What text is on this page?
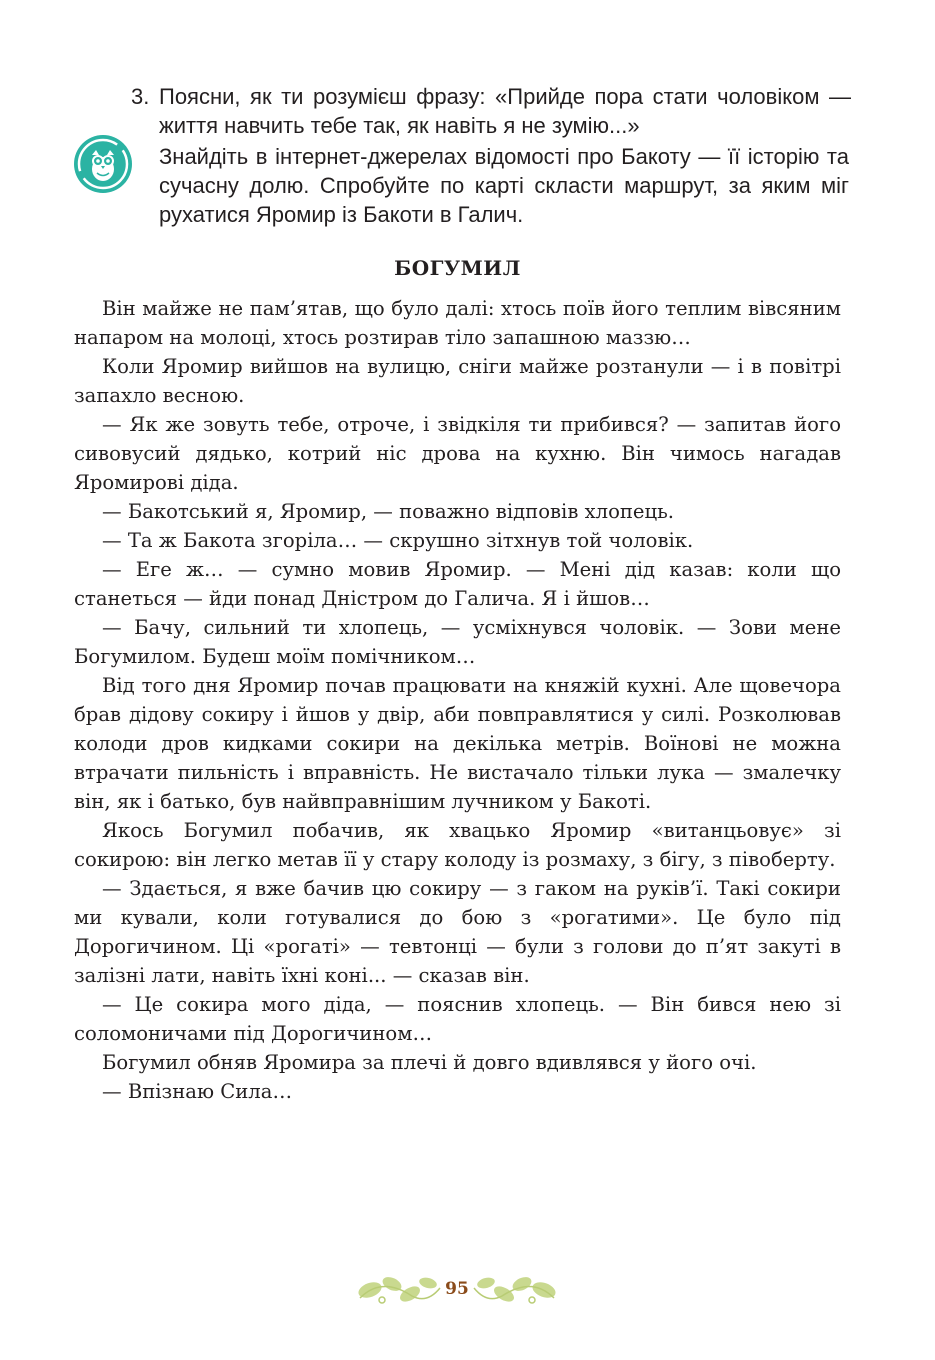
3. Поясни, як ти розумієш фразу: «Прийде пора стати чоловіком — життя навчить тебе так, як навіть я не зумію...»
Знайдіть в інтернет-джерелах відомості про Бакоту — її історію та сучасну долю. Спробуйте по карті скласти маршрут, за яким міг рухатися Яромир із Бакоти в Галич.
БОГУМИЛ

Він майже не пам’ятав, що було далі: хтось поїв його теплим вівсяним напаром на молоці, хтось розтирав тіло запашною маззю…

Коли Яромир вийшов на вулицю, сніги майже розтанули — і в повітрі запахло весною.

— Як же зовуть тебе, отроче, і звідкіля ти прибився? — запитав його сивовусий дядько, котрий ніс дрова на кухню. Він чимось нагадав Яромирові діда.

— Бакотський я, Яромир, — поважно відповів хлопець.

— Та ж Бакота згоріла… — скрушно зітхнув той чоловік.

— Еге ж… — сумно мовив Яромир. — Мені дід казав: коли що станеться — йди понад Дністром до Галича. Я і йшов…

— Бачу, сильний ти хлопець, — усміхнувся чоловік. — Зови мене Богумилом. Будеш моїм помічником…

Від того дня Яромир почав працювати на княжій кухні. Але щовечора брав дідову сокиру і йшов у двір, аби повправлятися у силі. Розколював колоди дров кидками сокири на декілька метрів. Воїнові не можна втрачати пильність і вправність. Не вистачало тільки лука — змалечку він, як і батько, був найвправнішим лучником у Бакоті.

Якось Богумил побачив, як хвацько Яромир «витанцьовує» зі сокирою: він легко метав її у стару колоду із розмаху, з бігу, з півоберту.

— Здається, я вже бачив цю сокиру — з гаком на руків’ї. Такі сокири ми кували, коли готувалися до бою з «рогатими». Це було під Дорогичином. Ці «рогаті» — тевтонці — були з голови до п’ят закуті в залізні лати, навіть їхні коні... — сказав він.

— Це сокира мого діда, — пояснив хлопець. — Він бився нею зі соломоничами під Дорогичином…

Богумил обняв Яромира за плечі й довго вдивлявся у його очі.

— Впізнаю Сила…

95
